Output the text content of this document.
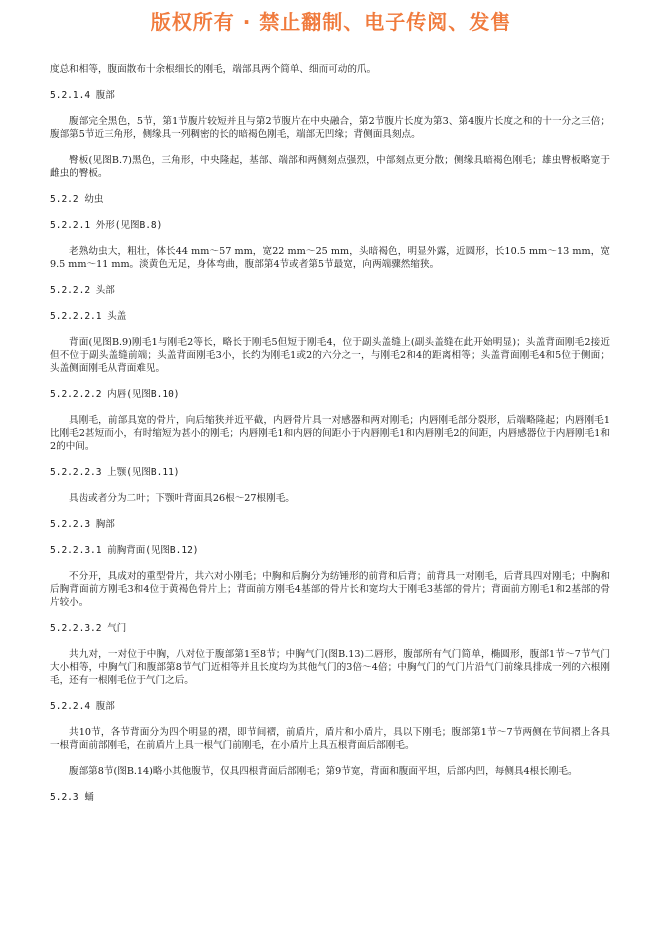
版权所有 · 禁止翻制、电子传阅、发售

度总和相等，腹面散布十余根细长的刚毛，端部具两个简单、细而可动的爪。

5.2.1.4 腹部

腹部完全黑色，5节，第1节腹片较短并且与第2节腹片在中央融合，第2节腹片长度为第3、第4腹片长度之和的十一分之三倍；腹部第5节近三角形，侧缘具一列稠密的长的暗褐色刚毛，端部无凹缘；背侧面具刻点。

臀板(见图B.7)黑色，三角形，中央隆起，基部、端部和两侧刻点强烈，中部刻点更分散；侧缘具暗褐色刚毛；雄虫臀板略宽于雌虫的臀板。

5.2.2 幼虫

5.2.2.1 外形(见图B.8)

老熟幼虫大，粗壮，体长44 mm～57 mm，宽22 mm～25 mm，头暗褐色，明显外露，近圆形，长10.5 mm～13 mm，宽9.5 mm～11 mm。淡黄色无足，身体弯曲，腹部第4节或者第5节最宽，向两端骤然缩狭。

5.2.2.2 头部

5.2.2.2.1 头盖

背面(见图B.9)刚毛1与刚毛2等长，略长于刚毛5但短于刚毛4，位于副头盖缝上(副头盖缝在此开始明显)；头盖背面刚毛2接近但不位于副头盖缝前端；头盖背面刚毛3小，长约为刚毛1或2的六分之一，与刚毛2和4的距离相等；头盖背面刚毛4和5位于侧面；头盖侧面刚毛从背面难见。

5.2.2.2.2 内唇(见图B.10)

具刚毛，前部具宽的骨片，向后缩狭并近平截，内唇骨片具一对感器和两对刚毛；内唇刚毛部分裂形，后端略隆起；内唇刚毛1比刚毛2甚短而小，有时缩短为甚小的刚毛；内唇刚毛1和内唇的间距小于内唇刚毛1和内唇刚毛2的间距，内唇感器位于内唇刚毛1和2的中间。

5.2.2.2.3 上颚(见图B.11)

具齿或者分为二叶；下颚叶背面具26根～27根刚毛。

5.2.2.3 胸部

5.2.2.3.1 前胸背面(见图B.12)

不分开，具成对的重型骨片，共六对小刚毛；中胸和后胸分为纺锤形的前背和后背；前背具一对刚毛，后背具四对刚毛；中胸和后胸背面前方刚毛3和4位于黄褐色骨片上；背面前方刚毛4基部的骨片长和宽均大于刚毛3基部的骨片；背面前方刚毛1和2基部的骨片较小。

5.2.2.3.2 气门

共九对，一对位于中胸，八对位于腹部第1至8节；中胸气门(图B.13)二唇形，腹部所有气门简单，椭圆形，腹部1节～7节气门大小相等，中胸气门和腹部第8节气门近相等并且长度均为其他气门的3倍～4倍；中胸气门的气门片沿气门前缘具排成一列的六根刚毛，还有一根刚毛位于气门之后。

5.2.2.4 腹部

共10节，各节背面分为四个明显的褶，即节间褶，前盾片，盾片和小盾片，具以下刚毛；腹部第1节～7节两侧在节间褶上各具一根背面前部刚毛，在前盾片上具一根气门前刚毛，在小盾片上具五根背面后部刚毛。

腹部第8节(图B.14)略小其他腹节，仅具四根背面后部刚毛；第9节宽，背面和腹面平坦，后部内凹，每侧具4根长刚毛。

5.2.3 蛹
